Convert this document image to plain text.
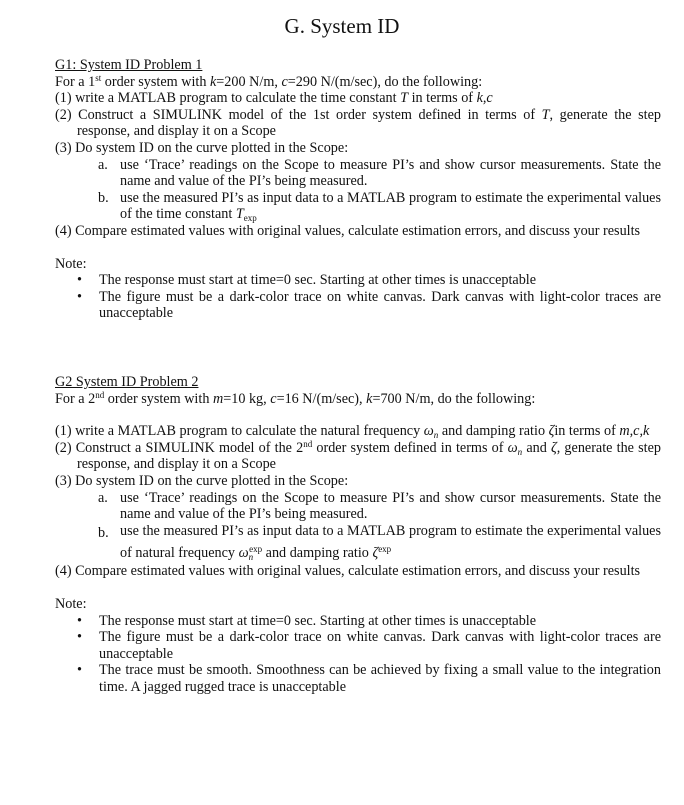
G. System ID
G1: System ID Problem 1
For a 1st order system with k=200 N/m, c=290 N/(m/sec), do the following:
(1) write a MATLAB program to calculate the time constant T in terms of k,c
(2) Construct a SIMULINK model of the 1st order system defined in terms of T, generate the step
response, and display it on a Scope
(3) Do system ID on the curve plotted in the Scope:
a. use ‘Trace’ readings on the Scope to measure PI’s and show cursor measurements. State the
name and value of the PI’s being measured.
b. use the measured PI’s as input data to a MATLAB program to estimate the experimental values
of the time constant $T_{exp}$
(4) Compare estimated values with original values, calculate estimation errors, and discuss your results
Note:
• The response must start at time=0 sec. Starting at other times is unacceptable
• The figure must be a dark-color trace on white canvas. Dark canvas with light-color traces are
unacceptable
G2 System ID Problem 2
For a 2nd order system with m=10 kg, c=16 N/(m/sec), k=700 N/m, do the following:
(1) write a MATLAB program to calculate the natural frequency $\omega_n$ and damping ratio ζin terms of m,c,k
(2) Construct a SIMULINK model of the 2nd order system defined in terms of $\omega_n$ and ζ, generate the step
response, and display it on a Scope
(3) Do system ID on the curve plotted in the Scope:
a. use ‘Trace’ readings on the Scope to measure PI’s and show cursor measurements. State the
name and value of the PI’s being measured.
b. use the measured PI’s as input data to a MATLAB program to estimate the experimental values
of natural frequency $\omega_n^{exp}$ and damping ratio $\zeta^{exp}$
(4) Compare estimated values with original values, calculate estimation errors, and discuss your results
Note:
• The response must start at time=0 sec. Starting at other times is unacceptable
• The figure must be a dark-color trace on white canvas. Dark canvas with light-color traces are
unacceptable
• The trace must be smooth. Smoothness can be achieved by fixing a small value to the integration
time. A jagged rugged trace is unacceptable
